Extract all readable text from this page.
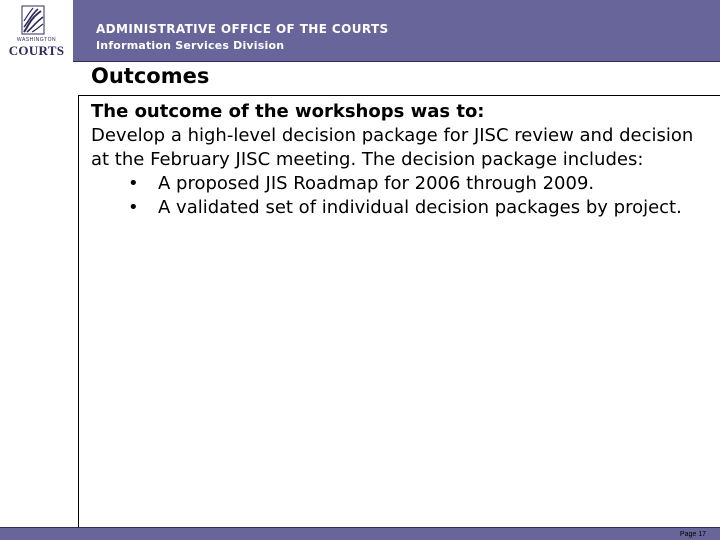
WASHINGTON
COURTS
ADMINISTRATIVE OFFICE OF THE COURTS
Information Services Division
Outcomes
The outcome of the workshops was to:
Develop a high-level decision package for JISC review and decision at the February JISC meeting. The decision package includes:
• A proposed JIS Roadmap for 2006 through 2009.
• A validated set of individual decision packages by project.
Page 17
